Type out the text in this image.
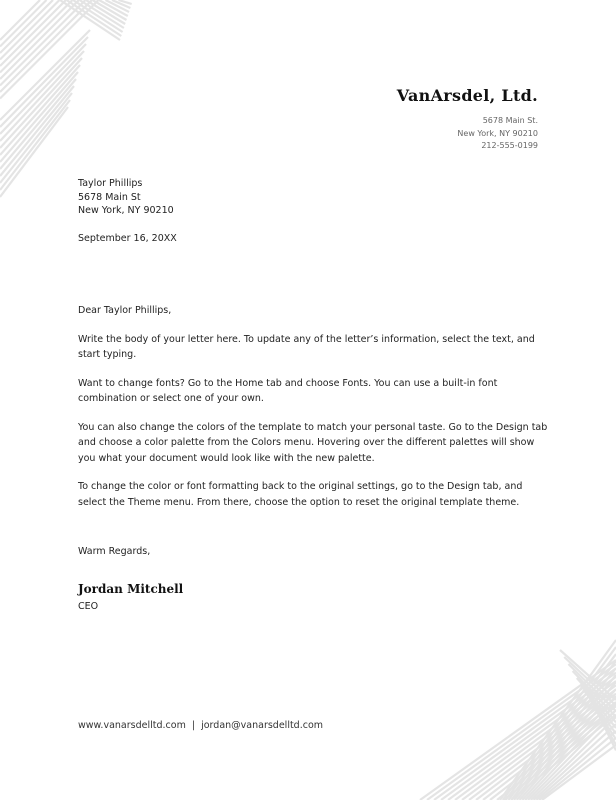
VanArsdel, Ltd.
5678 Main St.
New York, NY 90210
212-555-0199
Taylor Phillips
5678 Main St
New York, NY 90210
September 16, 20XX

Dear Taylor Phillips,

Write the body of your letter here. To update any of the letter’s information, select the text, and start typing.

Want to change fonts? Go to the Home tab and choose Fonts. You can use a built-in font combination or select one of your own.

You can also change the colors of the template to match your personal taste. Go to the Design tab and choose a color palette from the Colors menu. Hovering over the different palettes will show you what your document would look like with the new palette.

To change the color or font formatting back to the original settings, go to the Design tab, and select the Theme menu. From there, choose the option to reset the original template theme.

Warm Regards,
Jordan Mitchell
CEO
www.vanarsdelltd.com | jordan@vanarsdelltd.com
